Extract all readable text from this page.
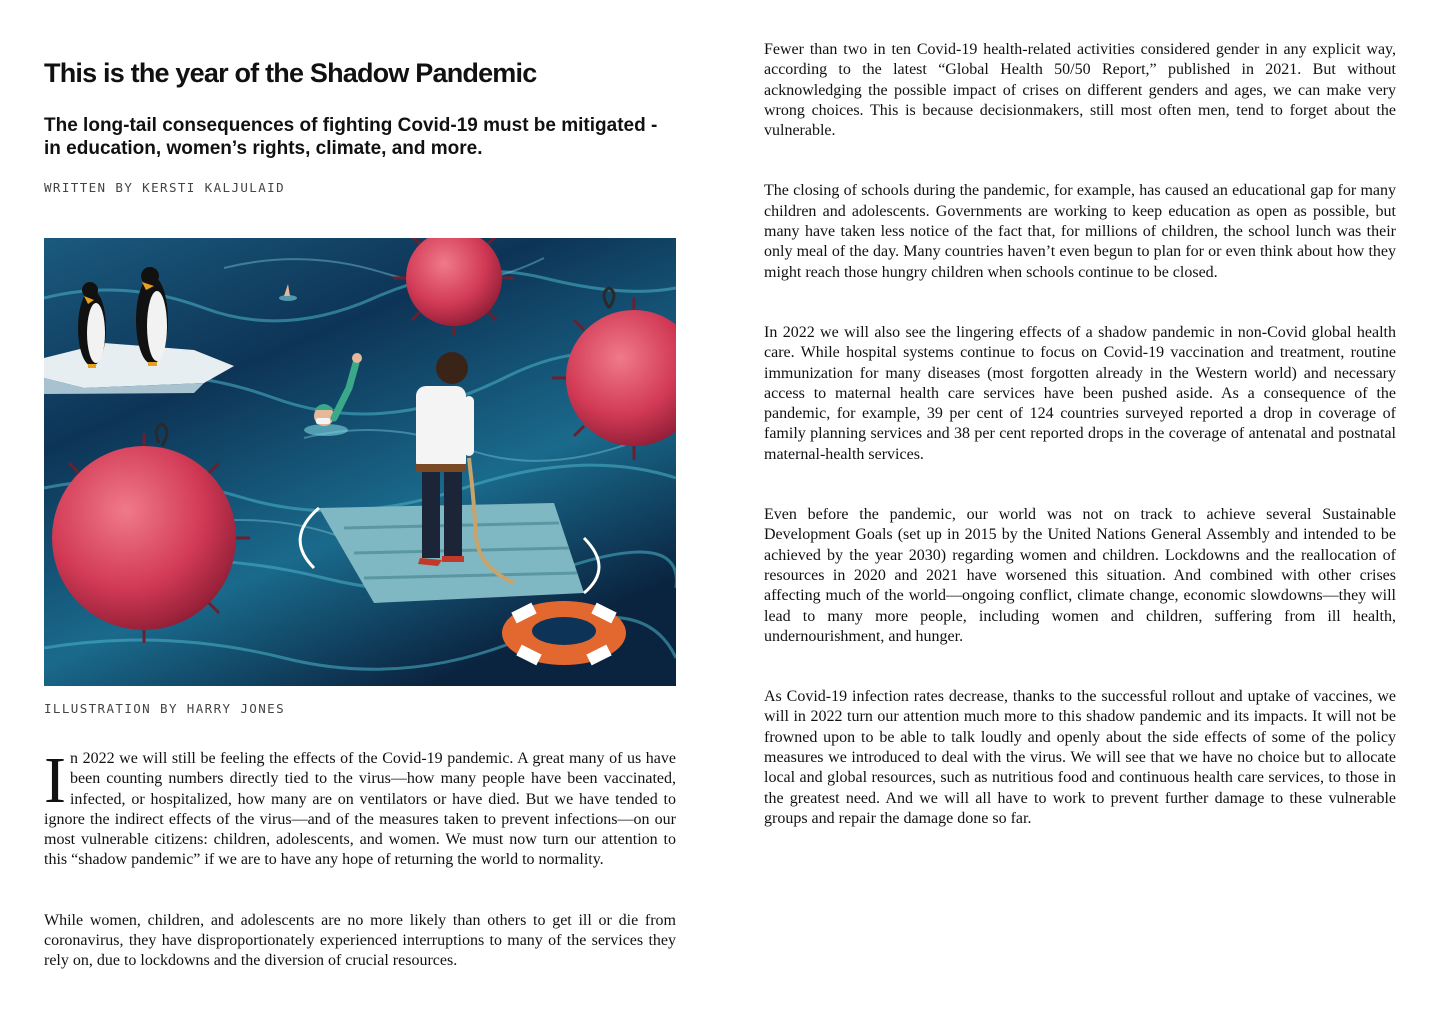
This is the year of the Shadow Pandemic
The long-tail consequences of fighting Covid-19 must be mitigated - in education, women’s rights, climate, and more.
WRITTEN BY KERSTI KALJULAID
ILLUSTRATION BY HARRY JONES

In 2022 we will still be feeling the effects of the Covid-19 pandemic. A great many of us have been counting numbers directly tied to the virus—how many people have been vaccinated, infected, or hospitalized, how many are on ventilators or have died. But we have tended to ignore the indirect effects of the virus—and of the measures taken to prevent infections—on our most vulnerable citizens: children, adolescents, and women. We must now turn our attention to this “shadow pandemic” if we are to have any hope of returning the world to normality.

While women, children, and adolescents are no more likely than others to get ill or die from coronavirus, they have disproportionately experienced interruptions to many of the services they rely on, due to lockdowns and the diversion of crucial resources.

Fewer than two in ten Covid-19 health-related activities considered gender in any explicit way, according to the latest “Global Health 50/50 Report,” published in 2021. But without acknowledging the possible impact of crises on different genders and ages, we can make very wrong choices. This is because decisionmakers, still most often men, tend to forget about the vulnerable.

The closing of schools during the pandemic, for example, has caused an educational gap for many children and adolescents. Governments are working to keep education as open as possible, but many have taken less notice of the fact that, for millions of children, the school lunch was their only meal of the day. Many countries haven’t even begun to plan for or even think about how they might reach those hungry children when schools continue to be closed.

In 2022 we will also see the lingering effects of a shadow pandemic in non-Covid global health care. While hospital systems continue to focus on Covid-19 vaccination and treatment, routine immunization for many diseases (most forgotten already in the Western world) and necessary access to maternal health care services have been pushed aside. As a consequence of the pandemic, for example, 39 per cent of 124 countries surveyed reported a drop in coverage of family planning services and 38 per cent reported drops in the coverage of antenatal and postnatal maternal-health services.

Even before the pandemic, our world was not on track to achieve several Sustainable Development Goals (set up in 2015 by the United Nations General Assembly and intended to be achieved by the year 2030) regarding women and children. Lockdowns and the reallocation of resources in 2020 and 2021 have worsened this situation. And combined with other crises affecting much of the world—ongoing conflict, climate change, economic slowdowns—they will lead to many more people, including women and children, suffering from ill health, undernourishment, and hunger.

As Covid-19 infection rates decrease, thanks to the successful rollout and uptake of vaccines, we will in 2022 turn our attention much more to this shadow pandemic and its impacts. It will not be frowned upon to be able to talk loudly and openly about the side effects of some of the policy measures we introduced to deal with the virus. We will see that we have no choice but to allocate local and global resources, such as nutritious food and continuous health care services, to those in the greatest need. And we will all have to work to prevent further damage to these vulnerable groups and repair the damage done so far.
